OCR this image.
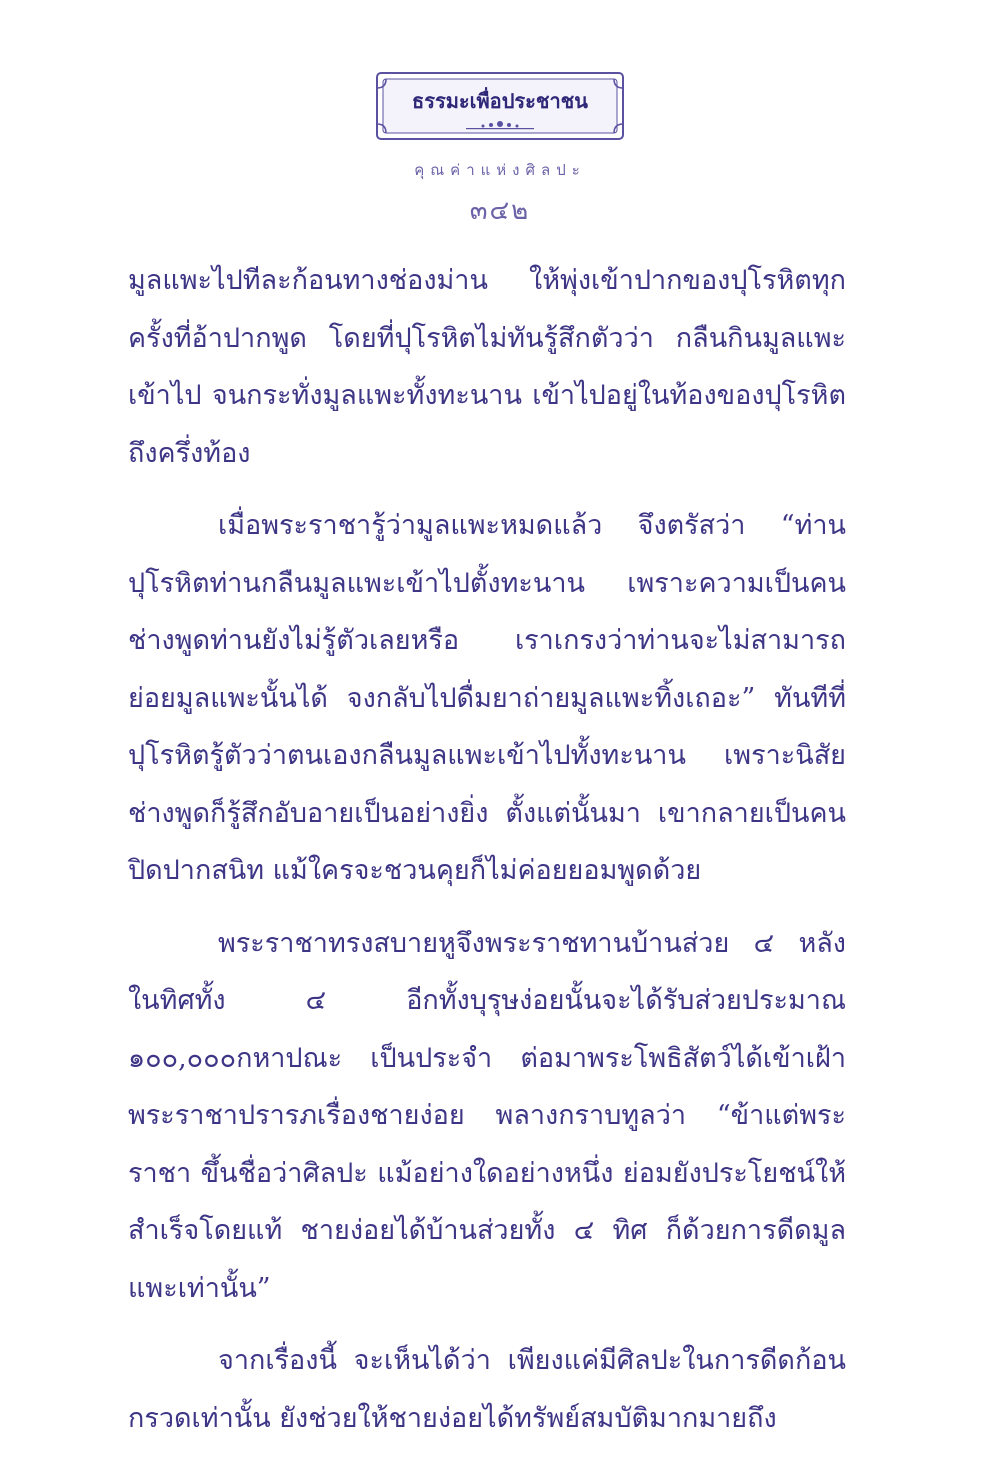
ธรรมะเพื่อประชาชน
คุณค่าแห่งศิลปะ
๓๔๒

มูลแพะไปทีละก้อนทางช่องม่าน ให้พุ่งเข้าปากของปุโรหิตทุกครั้งที่อ้าปากพูด โดยที่ปุโรหิตไม่ทันรู้สึกตัวว่า กลืนกินมูลแพะเข้าไป จนกระทั่งมูลแพะทั้งทะนาน เข้าไปอยู่ในท้องของปุโรหิตถึงครึ่งท้อง

เมื่อพระราชารู้ว่ามูลแพะหมดแล้ว จึงตรัสว่า “ท่านปุโรหิตท่านกลืนมูลแพะเข้าไปตั้งทะนาน เพราะความเป็นคนช่างพูดท่านยังไม่รู้ตัวเลยหรือ เราเกรงว่าท่านจะไม่สามารถย่อยมูลแพะนั้นได้ จงกลับไปดื่มยาถ่ายมูลแพะทิ้งเถอะ” ทันทีที่ปุโรหิตรู้ตัวว่าตนเองกลืนมูลแพะเข้าไปทั้งทะนาน เพราะนิสัยช่างพูดก็รู้สึกอับอายเป็นอย่างยิ่ง ตั้งแต่นั้นมา เขากลายเป็นคนปิดปากสนิท แม้ใครจะชวนคุยก็ไม่ค่อยยอมพูดด้วย

พระราชาทรงสบายหูจึงพระราชทานบ้านส่วย ๔ หลังในทิศทั้ง ๔ อีกทั้งบุรุษง่อยนั้นจะได้รับส่วยประมาณ ๑๐๐,๐๐๐กหาปณะ เป็นประจำ ต่อมาพระโพธิสัตว์ได้เข้าเฝ้าพระราชาปรารภเรื่องชายง่อย พลางกราบทูลว่า “ข้าแต่พระราชา ขึ้นชื่อว่าศิลปะ แม้อย่างใดอย่างหนึ่ง ย่อมยังประโยชน์ให้สำเร็จโดยแท้ ชายง่อยได้บ้านส่วยทั้ง ๔ ทิศ ก็ด้วยการดีดมูลแพะเท่านั้น”

จากเรื่องนี้ จะเห็นได้ว่า เพียงแค่มีศิลปะในการดีดก้อนกรวดเท่านั้น ยังช่วยให้ชายง่อยได้ทรัพย์สมบัติมากมายถึง
